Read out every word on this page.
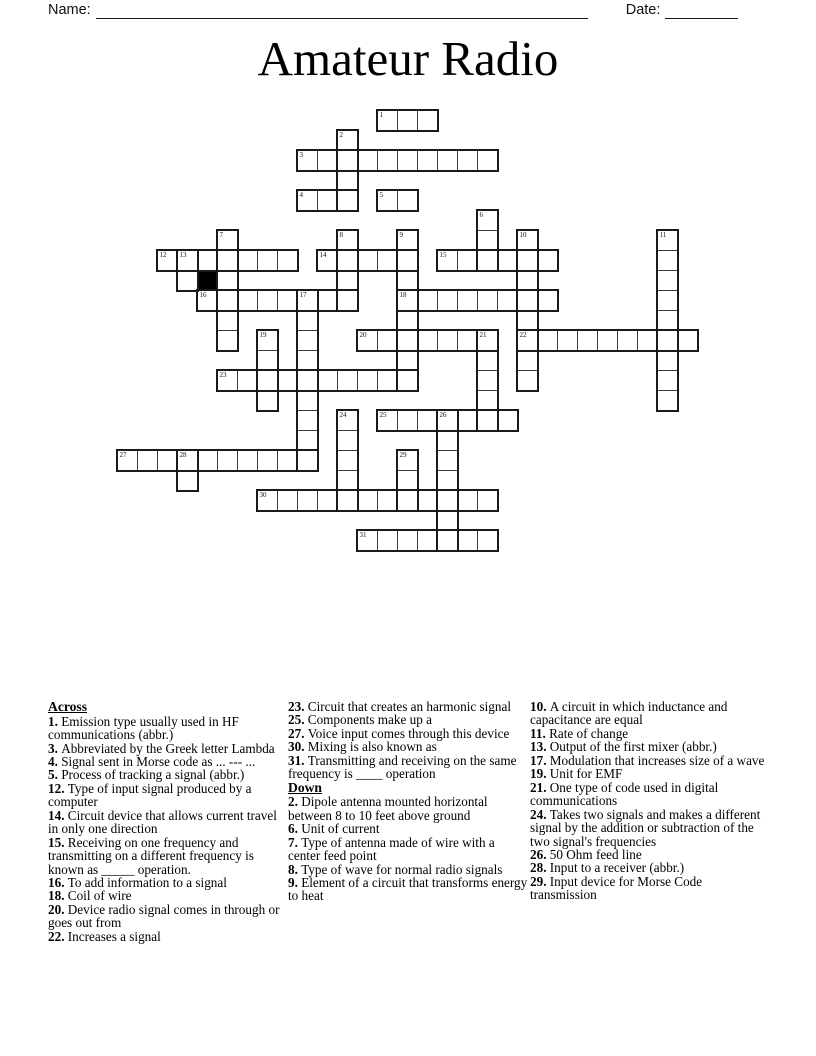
Name:	Date:
Amateur Radio
1
3
4	5
12 13	14	15
16	17	18
20	21	22
23
25	26
27	28
30
31
2
6
7	8	9	10	11
19
24
29
Across

1. Emission type usually used in HF communications (abbr.)

3. Abbreviated by the Greek letter Lambda

4. Signal sent in Morse code as ... --- ...

5. Process of tracking a signal (abbr.)

12. Type of input signal produced by a computer

14. Circuit device that allows current travel in only one direction

15. Receiving on one frequency and transmitting on a different frequency is known as _____ operation.

16. To add information to a signal

18. Coil of wire

20. Device radio signal comes in through or goes out from

22. Increases a signal

23. Circuit that creates an harmonic signal

25. Components make up a

27. Voice input comes through this device

30. Mixing is also known as

31. Transmitting and receiving on the same frequency is ____ operation

Down

2. Dipole antenna mounted horizontal between 8 to 10 feet above ground

6. Unit of current

7. Type of antenna made of wire with a center feed point

8. Type of wave for normal radio signals

9. Element of a circuit that transforms energy to heat

10. A circuit in which inductance and capacitance are equal

11. Rate of change

13. Output of the first mixer (abbr.)

17. Modulation that increases size of a wave

19. Unit for EMF

21. One type of code used in digital communications

24. Takes two signals and makes a different signal by the addition or subtraction of the two signal's frequencies

26. 50 Ohm feed line

28. Input to a receiver (abbr.)

29. Input device for Morse Code transmission
